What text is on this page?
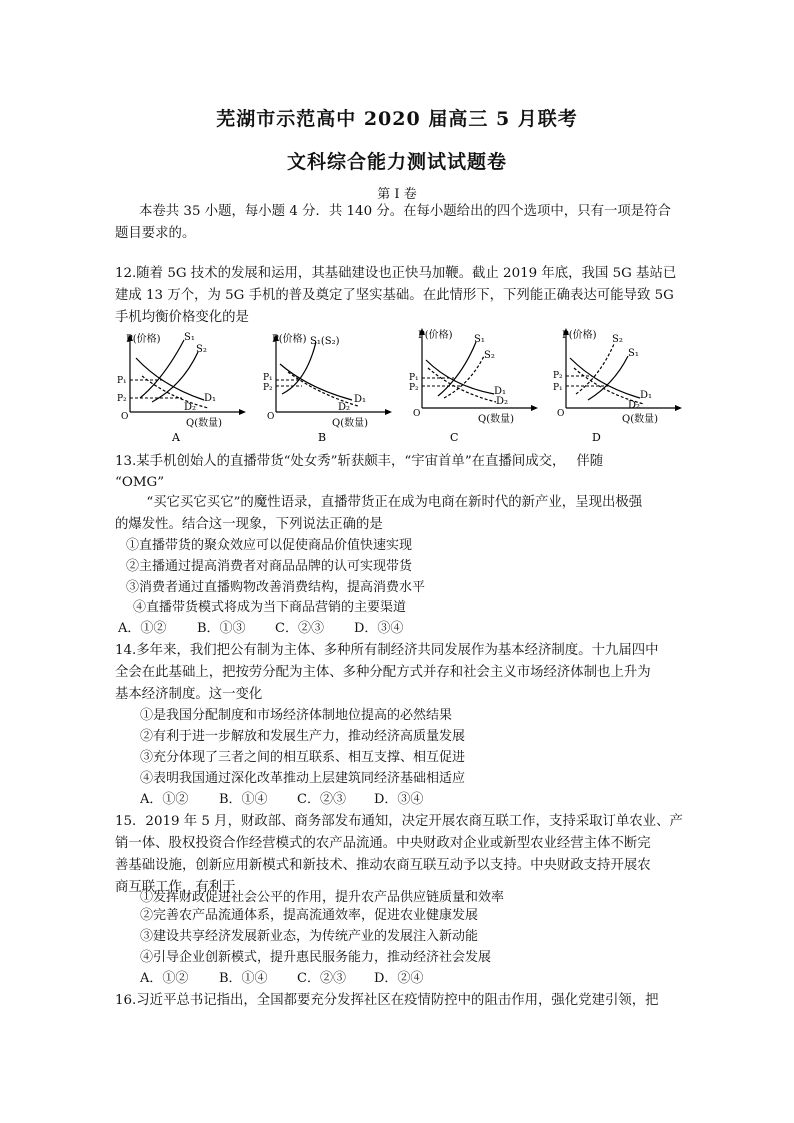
芜湖市示范高中 2020 届高三 5 月联考
文科综合能力测试试题卷
第 I 卷
本卷共 35 小题，每小题 4 分．共 140 分。在每小题给出的四个选项中，只有一项是符合
题目要求的。
12.随着 5G 技术的发展和运用，其基础建设也正快马加鞭。截止 2019 年底，我国 5G 基站已
建成 13 万个，为 5G 手机的普及奠定了坚实基础。在此情形下，下列能正确表达可能导致 5G
手机均衡价格变化的是
P(价格)
Q(数量)
O
S₁
S₂
D₁
D₂
P₁
P₂
A
P(价格)
Q(数量)
O
S₁(S₂)
D₁
D₂
P₁
P₂
B
P(价格)
Q(数量)
O
S₁
S₂
D₁
D₂
P₁
P₂
C
P(价格)
Q(数量)
O
S₂
S₁
D₁
D₂
P₂
P₁
D
13.某手机创始人的直播带货“处女秀”斩获颇丰，“宇宙首单”在直播间成交，　 伴随
“OMG”
　“买它买它买它”的魔性语录，直播带货正在成为电商在新时代的新产业，呈现出极强
的爆发性。结合这一现象，下列说法正确的是
①直播带货的聚众效应可以促使商品价值快速实现
②主播通过提高消费者对商品品牌的认可实现带货
③消费者通过直播购物改善消费结构，提高消费水平
④直播带货模式将成为当下商品营销的主要渠道
A．①② B．①③ C．②③ D．③④
14.多年来，我们把公有制为主体、多种所有制经济共同发展作为基本经济制度。十九届四中
全会在此基础上，把按劳分配为主体、多种分配方式并存和社会主义市场经济体制也上升为
基本经济制度。这一变化
①是我国分配制度和市场经济体制地位提高的必然结果
②有利于进一步解放和发展生产力，推动经济高质量发展
③充分体现了三者之间的相互联系、相互支撑、相互促进
④表明我国通过深化改革推动上层建筑同经济基础相适应
A．①② B．①④ C．②③ D．③④
15．2019 年 5 月，财政部、商务部发布通知，决定开展农商互联工作，支持采取订单农业、产
销一体、股权投资合作经营模式的农产品流通。中央财政对企业或新型农业经营主体不断完
善基础设施，创新应用新模式和新技术、推动农商互联互动予以支持。中央财政支持开展农
商互联工作，有利于
①发挥财政促进社会公平的作用，提升农产品供应链质量和效率
②完善农产品流通体系，提高流通效率，促进农业健康发展
③建设共享经济发展新业态，为传统产业的发展注入新动能
④引导企业创新模式，提升惠民服务能力，推动经济社会发展
A．①② B．①④ C．②③ D．②④
16.习近平总书记指出，全国都要充分发挥社区在疫情防控中的阻击作用，强化党建引领，把
